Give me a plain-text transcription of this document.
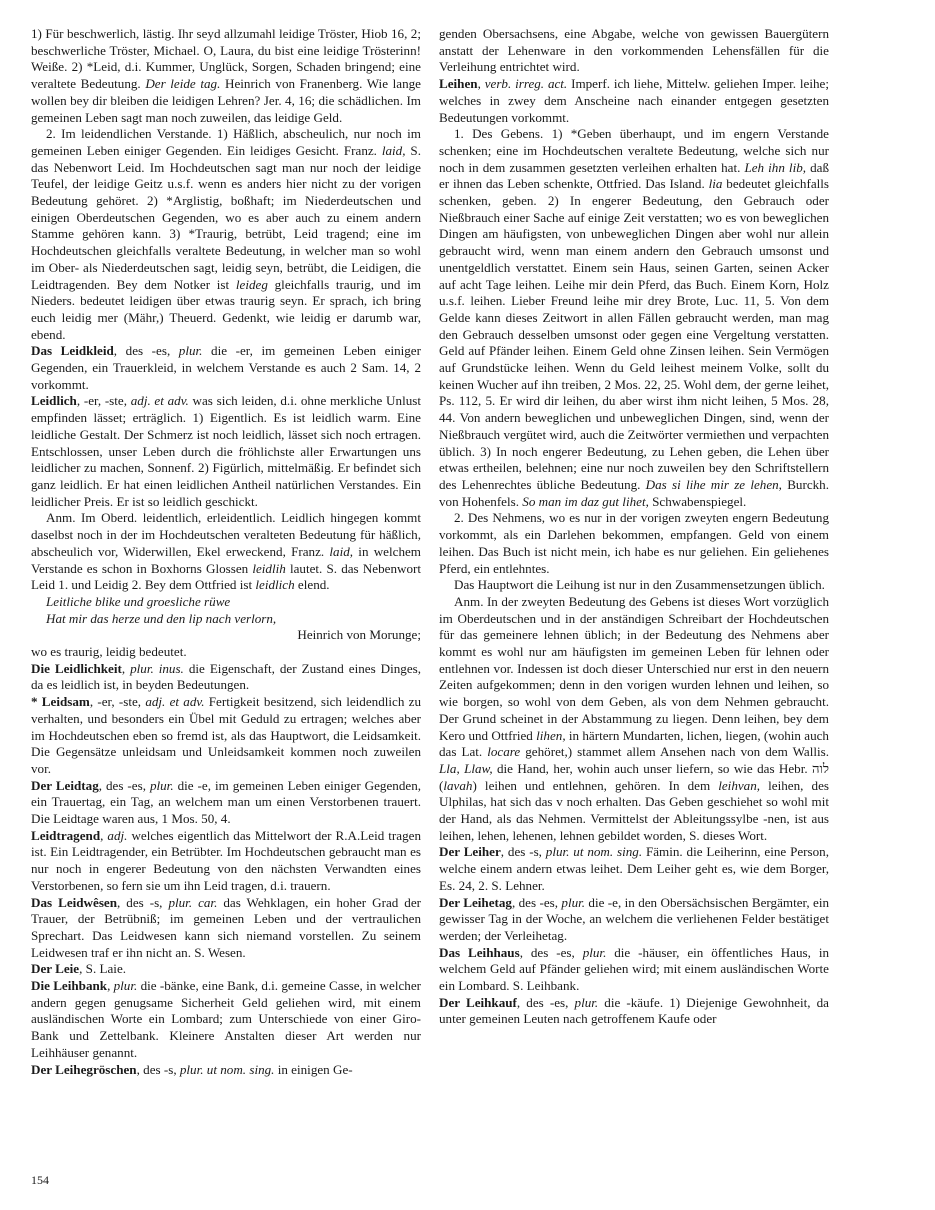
1) Für beschwerlich, lästig. Ihr seyd allzumahl leidige Tröster, Hiob 16, 2; beschwerliche Tröster, Michael. O, Laura, du bist eine leidige Trösterinn! Weiße. 2) *Leid, d.i. Kummer, Unglück, Sorgen, Schaden bringend; eine veraltete Bedeutung. Der leide tag. Heinrich von Franenberg. Wie lange wollen bey dir bleiben die leidigen Lehren? Jer. 4, 16; die schädlichen. Im gemeinen Leben sagt man noch zuweilen, das leidige Geld.

2. Im leidendlichen Verstande. 1) Häßlich, abscheulich, nur noch im gemeinen Leben einiger Gegenden. Ein leidiges Gesicht. Franz. laid, S. das Nebenwort Leid. Im Hochdeutschen sagt man nur noch der leidige Teufel, der leidige Geitz u.s.f. wenn es anders hier nicht zu der vorigen Bedeutung gehöret. 2) *Arglistig, boßhaft; im Niederdeutschen und einigen Oberdeutschen Gegenden, wo es aber auch zu einem andern Stamme gehören kann. 3) *Traurig, betrübt, Leid tragend; eine im Hochdeutschen gleichfalls veraltete Bedeutung, in welcher man so wohl im Ober- als Niederdeutschen sagt, leidig seyn, betrübt, die Leidigen, die Leidtragenden. Bey dem Notker ist leideg gleichfalls traurig, und im Nieders. bedeutet leidigen über etwas traurig seyn. Er sprach, ich bring euch leidig mer (Mähr,) Theuerd. Gedenkt, wie leidig er darumb war, ebend.

Das Leidkleid, des -es, plur. die -er, im gemeinen Leben einiger Gegenden, ein Trauerkleid, in welchem Verstande es auch 2 Sam. 14, 2 vorkommt.

Leidlich, -er, -ste, adj. et adv. was sich leiden, d.i. ohne merkliche Unlust empfinden lässet; erträglich. 1) Eigentlich. Es ist leidlich warm. Eine leidliche Gestalt. Der Schmerz ist noch leidlich, lässet sich noch ertragen. Entschlossen, unser Leben durch die fröhlichste aller Erwartungen uns leidlicher zu machen, Sonnenf. 2) Figürlich, mittelmäßig. Er befindet sich ganz leidlich. Er hat einen leidlichen Antheil natürlichen Verstandes. Ein leidlicher Preis. Er ist so leidlich geschickt.

Anm. Im Oberd. leidentlich, erleidentlich. Leidlich hingegen kommt daselbst noch in der im Hochdeutschen veralteten Bedeutung für häßlich, abscheulich vor, Widerwillen, Ekel erweckend, Franz. laid, in welchem Verstande es schon in Boxhorns Glossen leidlih lautet. S. das Nebenwort Leid 1. und Leidig 2. Bey dem Ottfried ist leidlich elend.

Leitliche blike und groesliche rüwe

Hat mir das herze und den lip nach verlorn,

Heinrich von Morunge;

wo es traurig, leidig bedeutet.

Die Leidlichkeit, plur. inus. die Eigenschaft, der Zustand eines Dinges, da es leidlich ist, in beyden Bedeutungen.

* Leidsam, -er, -ste, adj. et adv. Fertigkeit besitzend, sich leidendlich zu verhalten, und besonders ein Übel mit Geduld zu ertragen; welches aber im Hochdeutschen eben so fremd ist, als das Hauptwort, die Leidsamkeit. Die Gegensätze unleidsam und Unleidsamkeit kommen noch zuweilen vor.

Der Leidtag, des -es, plur. die -e, im gemeinen Leben einiger Gegenden, ein Trauertag, ein Tag, an welchem man um einen Verstorbenen trauert. Die Leidtage waren aus, 1 Mos. 50, 4.

Leidtragend, adj. welches eigentlich das Mittelwort der R.A.Leid tragen ist. Ein Leidtragender, ein Betrübter. Im Hochdeutschen gebraucht man es nur noch in engerer Bedeutung von den nächsten Verwandten eines Verstorbenen, so fern sie um ihn Leid tragen, d.i. trauern.

Das Leidwêsen, des -s, plur. car. das Wehklagen, ein hoher Grad der Trauer, der Betrübniß; im gemeinen Leben und der vertraulichen Sprechart. Das Leidwesen kann sich niemand vorstellen. Zu seinem Leidwesen traf er ihn nicht an. S. Wesen.

Der Leie, S. Laie.

Die Leihbank, plur. die -bänke, eine Bank, d.i. gemeine Casse, in welcher andern gegen genugsame Sicherheit Geld geliehen wird, mit einem ausländischen Worte ein Lombard; zum Unterschiede von einer Giro-Bank und Zettelbank. Kleinere Anstalten dieser Art werden nur Leihhäuser genannt.

Der Leihegröschen, des -s, plur. ut nom. sing. in einigen Ge-

genden Obersachsens, eine Abgabe, welche von gewissen Bauergütern anstatt der Lehenware in den vorkommenden Lehensfällen für die Verleihung entrichtet wird.

Leihen, verb. irreg. act. Imperf. ich liehe, Mittelw. geliehen Imper. leihe; welches in zwey dem Anscheine nach einander entgegen gesetzten Bedeutungen vorkommt.

1. Des Gebens. 1) *Geben überhaupt, und im engern Verstande schenken; eine im Hochdeutschen veraltete Bedeutung, welche sich nur noch in dem zusammen gesetzten verleihen erhalten hat. Leh ihn lib, daß er ihnen das Leben schenkte, Ottfried. Das Island. lia bedeutet gleichfalls schenken, geben. 2) In engerer Bedeutung, den Gebrauch oder Nießbrauch einer Sache auf einige Zeit verstatten; wo es von beweglichen Dingen am häufigsten, von unbeweglichen Dingen aber wohl nur allein gebraucht wird, wenn man einem andern den Gebrauch umsonst und unentgeldlich verstattet. Einem sein Haus, seinen Garten, seinen Acker auf acht Tage leihen. Leihe mir dein Pferd, das Buch. Einem Korn, Holz u.s.f. leihen. Lieber Freund leihe mir drey Brote, Luc. 11, 5. Von dem Gelde kann dieses Zeitwort in allen Fällen gebraucht werden, man mag den Gebrauch desselben umsonst oder gegen eine Vergeltung verstatten. Geld auf Pfänder leihen. Einem Geld ohne Zinsen leihen. Sein Vermögen auf Grundstücke leihen. Wenn du Geld leihest meinem Volke, sollt du keinen Wucher auf ihn treiben, 2 Mos. 22, 25. Wohl dem, der gerne leihet, Ps. 112, 5. Er wird dir leihen, du aber wirst ihm nicht leihen, 5 Mos. 28, 44. Von andern beweglichen und unbeweglichen Dingen, sind, wenn der Nießbrauch vergütet wird, auch die Zeitwörter vermiethen und verpachten üblich. 3) In noch engerer Bedeutung, zu Lehen geben, die Lehen über etwas ertheilen, belehnen; eine nur noch zuweilen bey den Schriftstellern des Lehenrechtes übliche Bedeutung. Das si lihe mir ze lehen, Burckh. von Hohenfels. So man im daz gut lihet, Schwabenspiegel.

2. Des Nehmens, wo es nur in der vorigen zweyten engern Bedeutung vorkommt, als ein Darlehen bekommen, empfangen. Geld von einem leihen. Das Buch ist nicht mein, ich habe es nur geliehen. Ein geliehenes Pferd, ein entlehntes.

Das Hauptwort die Leihung ist nur in den Zusammensetzungen üblich.

Anm. In der zweyten Bedeutung des Gebens ist dieses Wort vorzüglich im Oberdeutschen und in der anständigen Schreibart der Hochdeutschen für das gemeinere lehnen üblich; in der Bedeutung des Nehmens aber kommt es wohl nur am häufigsten im gemeinen Leben für lehnen oder entlehnen vor. Indessen ist doch dieser Unterschied nur erst in den neuern Zeiten aufgekommen; denn in den vorigen wurden lehnen und leihen, so wie borgen, so wohl von dem Geben, als von dem Nehmen gebraucht. Der Grund scheinet in der Abstammung zu liegen. Denn leihen, bey dem Kero und Ottfried lihen, in härtern Mundarten, lichen, liegen, (wohin auch das Lat. locare gehöret,) stammet allem Ansehen nach von dem Wallis. Lla, Llaw, die Hand, her, wohin auch unser liefern, so wie das Hebr. לוה (lavah) leihen und entlehnen, gehören. In dem leihvan, leihen, des Ulphilas, hat sich das v noch erhalten. Das Geben geschiehet so wohl mit der Hand, als das Nehmen. Vermittelst der Ableitungssylbe -nen, ist aus leihen, lehen, lehenen, lehnen gebildet worden, S. dieses Wort.

Der Leiher, des -s, plur. ut nom. sing. Fämin. die Leiherinn, eine Person, welche einem andern etwas leihet. Dem Leiher geht es, wie dem Borger, Es. 24, 2. S. Lehner.

Der Leihetag, des -es, plur. die -e, in den Obersächsischen Bergämter, ein gewisser Tag in der Woche, an welchem die verliehenen Felder bestätiget werden; der Verleihetag.

Das Leihhaus, des -es, plur. die -häuser, ein öffentliches Haus, in welchem Geld auf Pfänder geliehen wird; mit einem ausländischen Worte ein Lombard. S. Leihbank.

Der Leihkauf, des -es, plur. die -käufe. 1) Diejenige Gewohnheit, da unter gemeinen Leuten nach getroffenem Kaufe oder

154
